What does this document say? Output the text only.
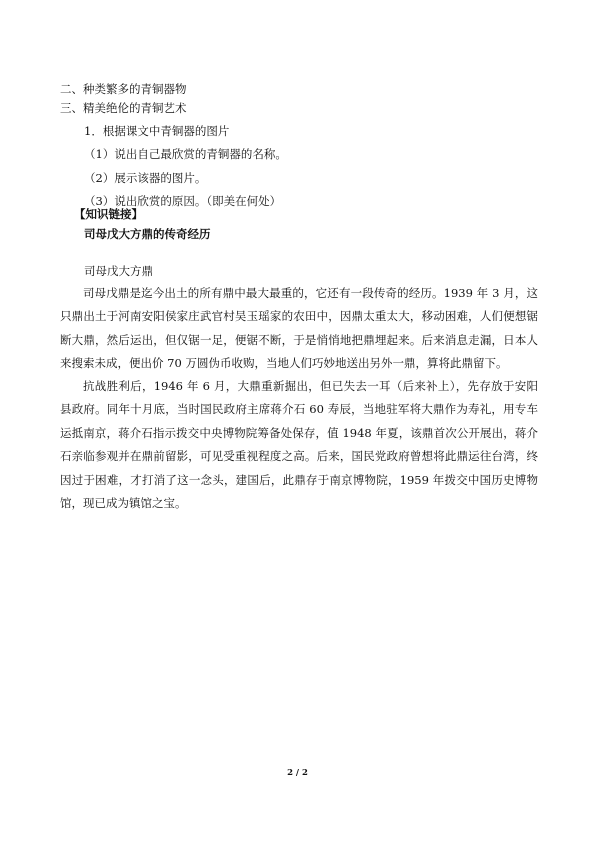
二、种类繁多的青铜器物
三、精美绝伦的青铜艺术
1．根据课文中青铜器的图片
（1）说出自己最欣赏的青铜器的名称。
（2）展示该器的图片。
（3）说出欣赏的原因。（即美在何处）
【知识链接】
司母戊大方鼎的传奇经历
司母戊大方鼎

司母戊鼎是迄今出土的所有鼎中最大最重的，它还有一段传奇的经历。1939 年 3 月，这只鼎出土于河南安阳侯家庄武官村吴玉瑶家的农田中，因鼎太重太大，移动困难，人们便想锯断大鼎，然后运出，但仅锯一足，便锯不断，于是悄悄地把鼎埋起来。后来消息走漏，日本人来搜索未成，便出价 70 万圆伪币收购，当地人们巧妙地送出另外一鼎，算将此鼎留下。

抗战胜利后，1946 年 6 月，大鼎重新掘出，但已失去一耳（后来补上），先存放于安阳县政府。同年十月底，当时国民政府主席蒋介石 60 寿辰，当地驻军将大鼎作为寿礼，用专车运抵南京，蒋介石指示拨交中央博物院筹备处保存，值 1948 年夏，该鼎首次公开展出，蒋介石亲临参观并在鼎前留影，可见受重视程度之高。后来，国民党政府曾想将此鼎运往台湾，终因过于困难，才打消了这一念头，建国后，此鼎存于南京博物院，1959 年拨交中国历史博物馆，现已成为镇馆之宝。

2 / 2
